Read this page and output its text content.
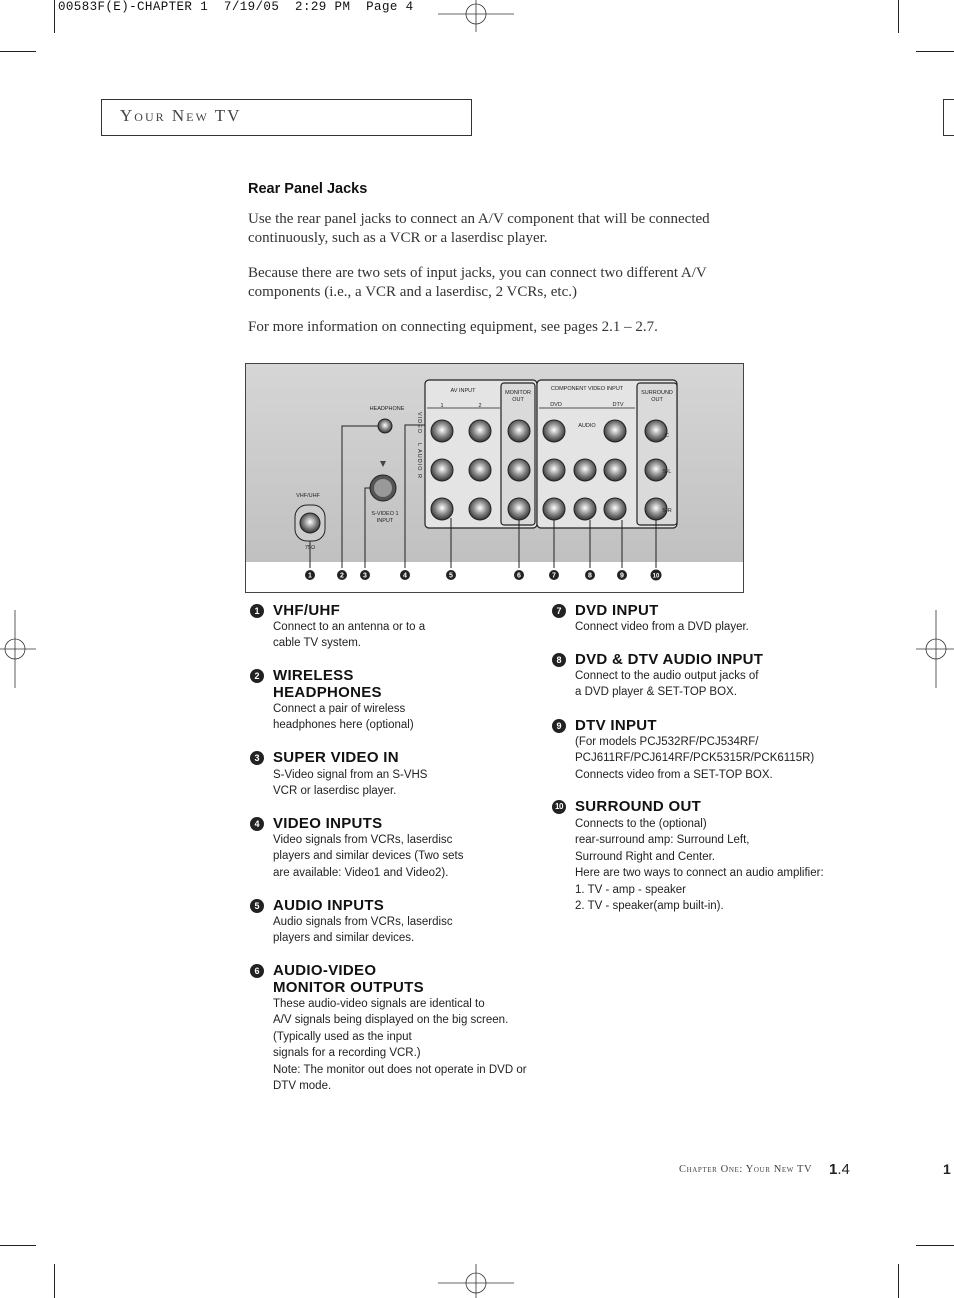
00583F(E)-CHAPTER 1  7/19/05  2:29 PM  Page 4
Your New TV
Rear Panel Jacks
Use the rear panel jacks to connect an A/V component that will be connected continuously, such as a VCR or a laserdisc player.
Because there are two sets of input jacks, you can connect two different A/V components (i.e., a VCR and a laserdisc, 2 VCRs, etc.)
For more information on connecting equipment, see pages 2.1 – 2.7.
1	2	3	4	5	6	7	8	9	10
HEADPHONE
VHF/UHF
75Ω
S-VIDEO 1
INPUT
AV INPUT
1	2
MONITOR
OUT
COMPONENT VIDEO INPUT
DVD	DTV
AUDIO
SURROUND
OUT
C
S-L
S-R
VIDEO
L AUDIO R
1 VHF/UHF
Connect to an antenna or to a
cable TV system.
2 WIRELESS
HEADPHONES
Connect a pair of wireless
headphones here (optional)
3 SUPER VIDEO IN
S-Video signal from an S-VHS
VCR or laserdisc player.
4 VIDEO INPUTS
Video signals from VCRs, laserdisc
players and similar devices (Two sets
are available: Video1 and Video2).
5 AUDIO INPUTS
Audio signals from VCRs, laserdisc
players and similar devices.
6 AUDIO-VIDEO
MONITOR OUTPUTS
These audio-video signals are identical to
A/V signals being displayed on the big screen.
(Typically used as the input
signals for a recording VCR.)
Note: The monitor out does not operate in DVD or
DTV mode.
7 DVD INPUT
Connect video from a DVD player.
8 DVD & DTV AUDIO INPUT
Connect to the audio output jacks of
a DVD player & SET-TOP BOX.
9 DTV INPUT
(For models PCJ532RF/PCJ534RF/
PCJ611RF/PCJ614RF/PCK5315R/PCK6115R)
Connects video from a SET-TOP BOX.
10 SURROUND OUT
Connects to the (optional)
rear-surround amp: Surround Left,
Surround Right and Center.
Here are two ways to connect an audio amplifier:
1. TV - amp - speaker
2. TV - speaker(amp built-in).
Chapter One: Your New TV 1.4	1
